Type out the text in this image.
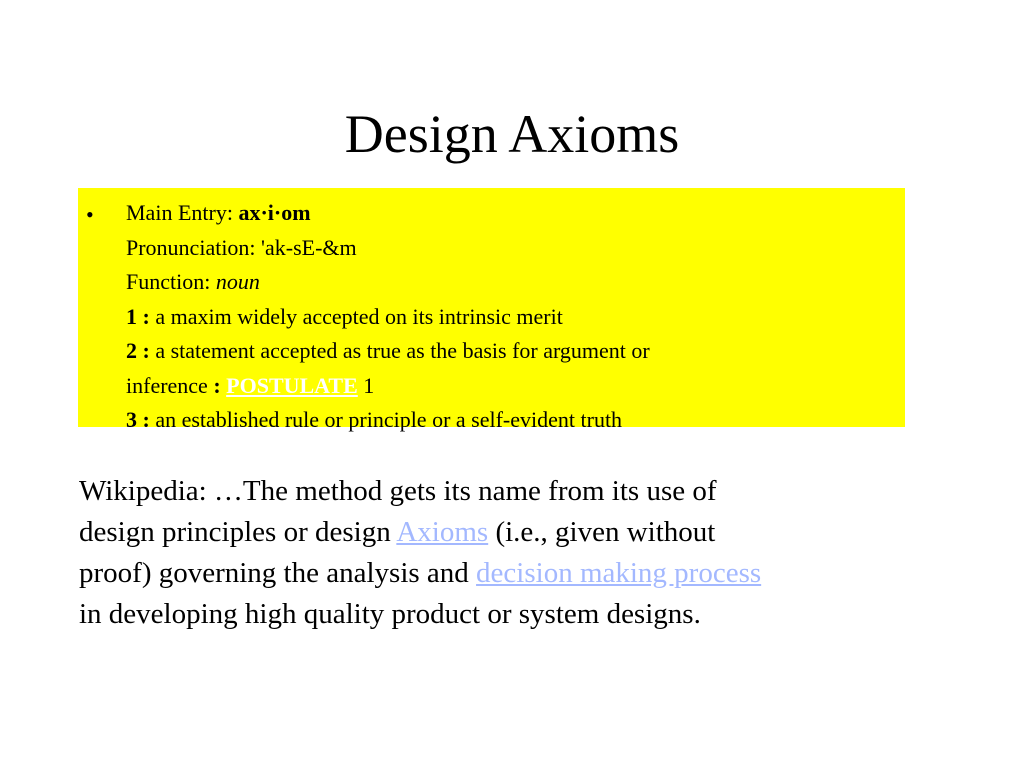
Design Axioms
• Main Entry: ax·i·om
Pronunciation: 'ak-sE-&m
Function: noun
1 : a maxim widely accepted on its intrinsic merit
2 : a statement accepted as true as the basis for argument or
inference : POSTULATE 1
3 : an established rule or principle or a self-evident truth
Wikipedia: …The method gets its name from its use of
design principles or design Axioms (i.e., given without
proof) governing the analysis and decision making process
in developing high quality product or system designs.
